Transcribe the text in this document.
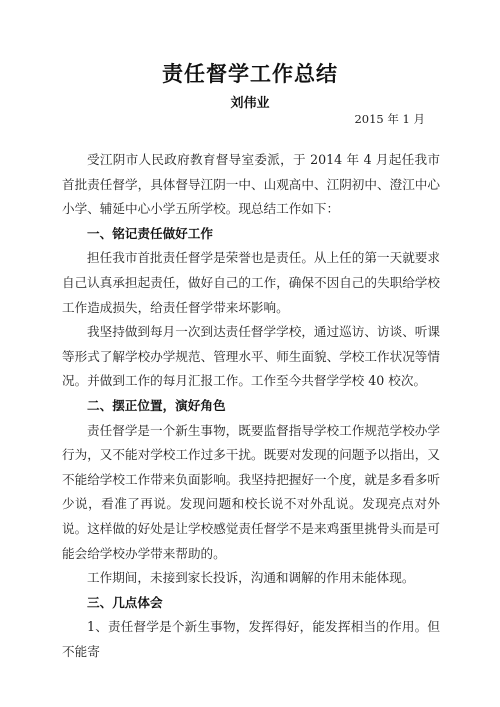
责任督学工作总结
刘伟业
2015 年 1 月

受江阴市人民政府教育督导室委派，于 2014 年 4 月起任我市首批责任督学，具体督导江阴一中、山观高中、江阴初中、澄江中心小学、辅延中心小学五所学校。现总结工作如下：

一、铭记责任做好工作

担任我市首批责任督学是荣誉也是责任。从上任的第一天就要求自己认真承担起责任，做好自己的工作，确保不因自己的失职给学校工作造成损失，给责任督学带来坏影响。

我坚持做到每月一次到达责任督学学校，通过巡访、访谈、听课等形式了解学校办学规范、管理水平、师生面貌、学校工作状况等情况。并做到工作的每月汇报工作。工作至今共督学学校 40 校次。

二、摆正位置，演好角色

责任督学是一个新生事物，既要监督指导学校工作规范学校办学行为，又不能对学校工作过多干扰。既要对发现的问题予以指出，又不能给学校工作带来负面影响。我坚持把握好一个度，就是多看多听少说，看准了再说。发现问题和校长说不对外乱说。发现亮点对外说。这样做的好处是让学校感觉责任督学不是来鸡蛋里挑骨头而是可能会给学校办学带来帮助的。

工作期间，未接到家长投诉，沟通和调解的作用未能体现。

三、几点体会

1、责任督学是个新生事物，发挥得好，能发挥相当的作用。但不能寄
